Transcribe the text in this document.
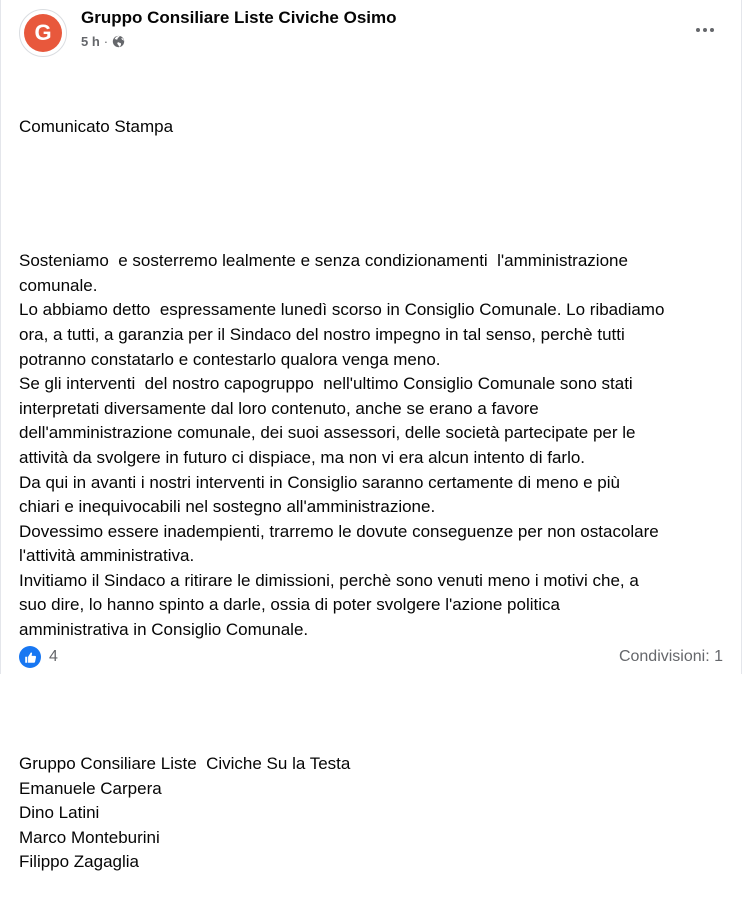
G
Gruppo Consiliare Liste Civiche Osimo
5 h ·

Comunicato Stampa

Sosteniamo  e sosterremo lealmente e senza condizionamenti  l'amministrazione
comunale.
Lo abbiamo detto  espressamente lunedì scorso in Consiglio Comunale. Lo ribadiamo
ora, a tutti, a garanzia per il Sindaco del nostro impegno in tal senso, perchè tutti
potranno constatarlo e contestarlo qualora venga meno.
Se gli interventi  del nostro capogruppo  nell'ultimo Consiglio Comunale sono stati
interpretati diversamente dal loro contenuto, anche se erano a favore
dell'amministrazione comunale, dei suoi assessori, delle società partecipate per le
attività da svolgere in futuro ci dispiace, ma non vi era alcun intento di farlo.
Da qui in avanti i nostri interventi in Consiglio saranno certamente di meno e più
chiari e inequivocabili nel sostegno all'amministrazione.
Dovessimo essere inadempienti, trarremo le dovute conseguenze per non ostacolare
l'attività amministrativa.
Invitiamo il Sindaco a ritirare le dimissioni, perchè sono venuti meno i motivi che, a
suo dire, lo hanno spinto a darle, ossia di poter svolgere l'azione politica
amministrativa in Consiglio Comunale.

Gruppo Consiliare Liste  Civiche Su la Testa
Emanuele Carpera
Dino Latini
Marco Monteburini
Filippo Zagaglia

4	Condivisioni: 1
